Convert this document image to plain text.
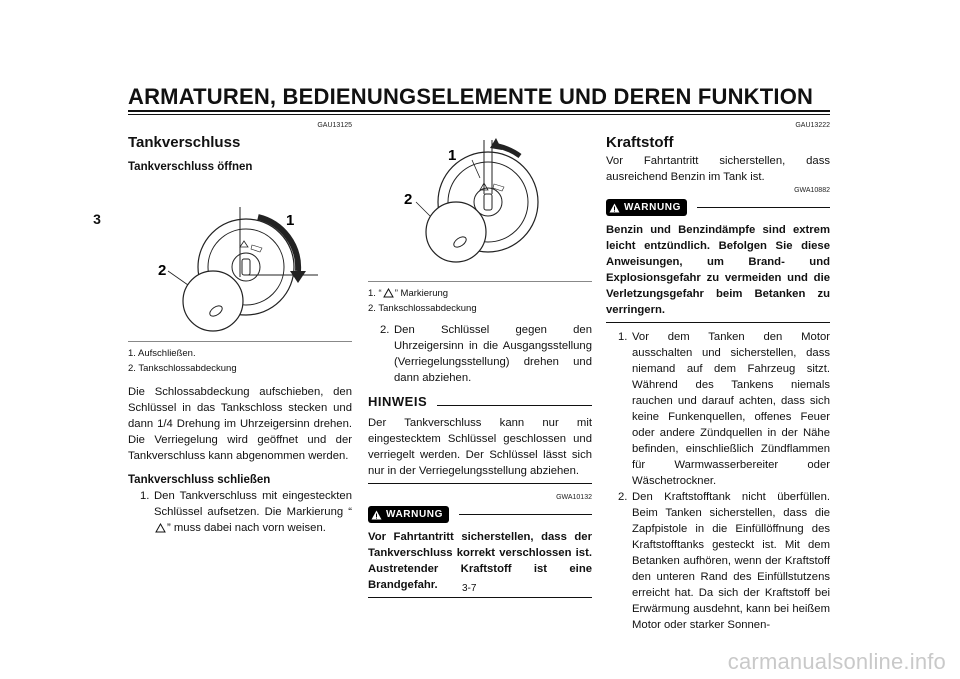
ARMATUREN, BEDIENUNGSELEMENTE UND DEREN FUNKTION
3
GAU13125
Tankverschluss
Tankverschluss öffnen
2
1
1. Aufschließen.
2. Tankschlossabdeckung

Die Schlossabdeckung aufschieben, den Schlüssel in das Tankschloss stecken und dann 1/4 Drehung im Uhrzeigersinn drehen. Die Verriegelung wird geöffnet und der Tankverschluss kann abgenommen werden.

Tankverschluss schließen
1. Den Tankverschluss mit eingesteckten Schlüssel aufsetzen. Die Markierung “” muss dabei nach vorn weisen.
1
2
1. “ ” Markierung
2. Tankschlossabdeckung
2. Den Schlüssel gegen den Uhrzeigersinn in die Ausgangsstellung (Verriegelungsstellung) drehen und dann abziehen.
HINWEIS

Der Tankverschluss kann nur mit eingestecktem Schlüssel geschlossen und verriegelt werden. Der Schlüssel lässt sich nur in der Verriegelungsstellung abziehen.

GWA10132
WARNUNG
Vor Fahrtantritt sicherstellen, dass der Tankverschluss korrekt verschlossen ist. Austretender Kraftstoff ist eine Brandgefahr.
GAU13222
Kraftstoff

Vor Fahrtantritt sicherstellen, dass ausreichend Benzin im Tank ist.

GWA10882
WARNUNG
Benzin und Benzindämpfe sind extrem leicht entzündlich. Befolgen Sie diese Anweisungen, um Brand- und Explosionsgefahr zu vermeiden und die Verletzungsgefahr beim Betanken zu verringern.
1. Vor dem Tanken den Motor ausschalten und sicherstellen, dass niemand auf dem Fahrzeug sitzt. Während des Tankens niemals rauchen und darauf achten, dass sich keine Funkenquellen, offenes Feuer oder andere Zündquellen in der Nähe befinden, einschließlich Zündflammen für Warmwasserbereiter oder Wäschetrockner.
2. Den Kraftstofftank nicht überfüllen. Beim Tanken sicherstellen, dass die Zapfpistole in die Einfüllöffnung des Kraftstofftanks gesteckt ist. Mit dem Betanken aufhören, wenn der Kraftstoff den unteren Rand des Einfüllstutzens erreicht hat. Da sich der Kraftstoff bei Erwärmung ausdehnt, kann bei heißem Motor oder starker Sonnen-
3-7
carmanualsonline.info
